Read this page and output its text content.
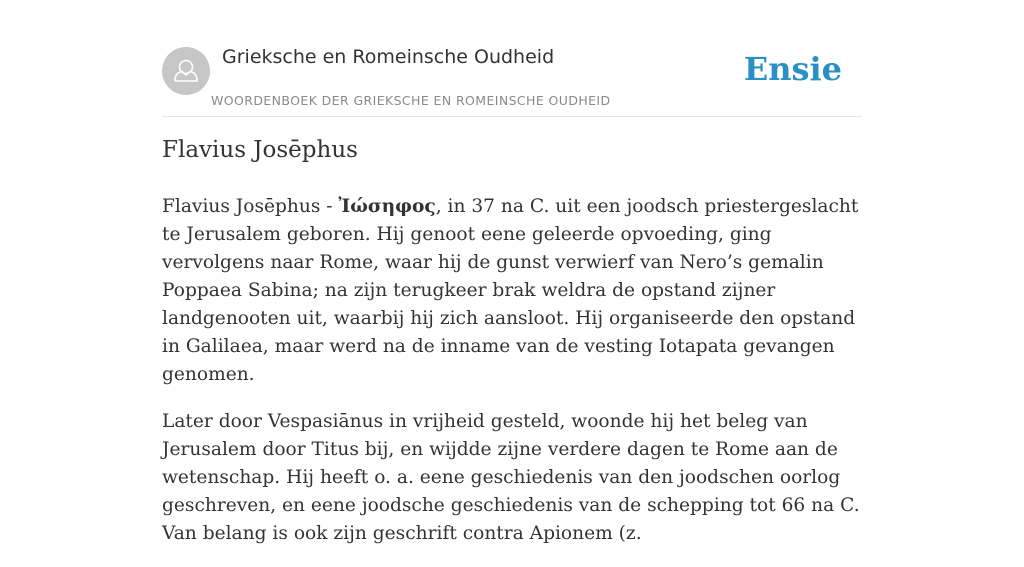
Grieksche en Romeinsche Oudheid
WOORDENBOEK DER GRIEKSCHE EN ROMEINSCHE OUDHEID
Ensie
Flavius Josēphus

Flavius Josēphus - Ἰώσηφος, in 37 na C. uit een joodsch priestergeslacht te Jerusalem geboren. Hij genoot eene geleerde opvoeding, ging vervolgens naar Rome, waar hij de gunst verwierf van Nero’s gemalin Poppaea Sabina; na zijn terugkeer brak weldra de opstand zijner landgenooten uit, waarbij hij zich aansloot. Hij organiseerde den opstand in Galilaea, maar werd na de inname van de vesting Iotapata gevangen genomen.

Later door Vespasiānus in vrijheid gesteld, woonde hij het beleg van Jerusalem door Titus bij, en wijdde zijne verdere dagen te Rome aan de wetenschap. Hij heeft o. a. eene geschiedenis van den joodschen oorlog geschreven, en eene joodsche geschiedenis van de schepping tot 66 na C. Van belang is ook zijn geschrift contra Apionem (z.
